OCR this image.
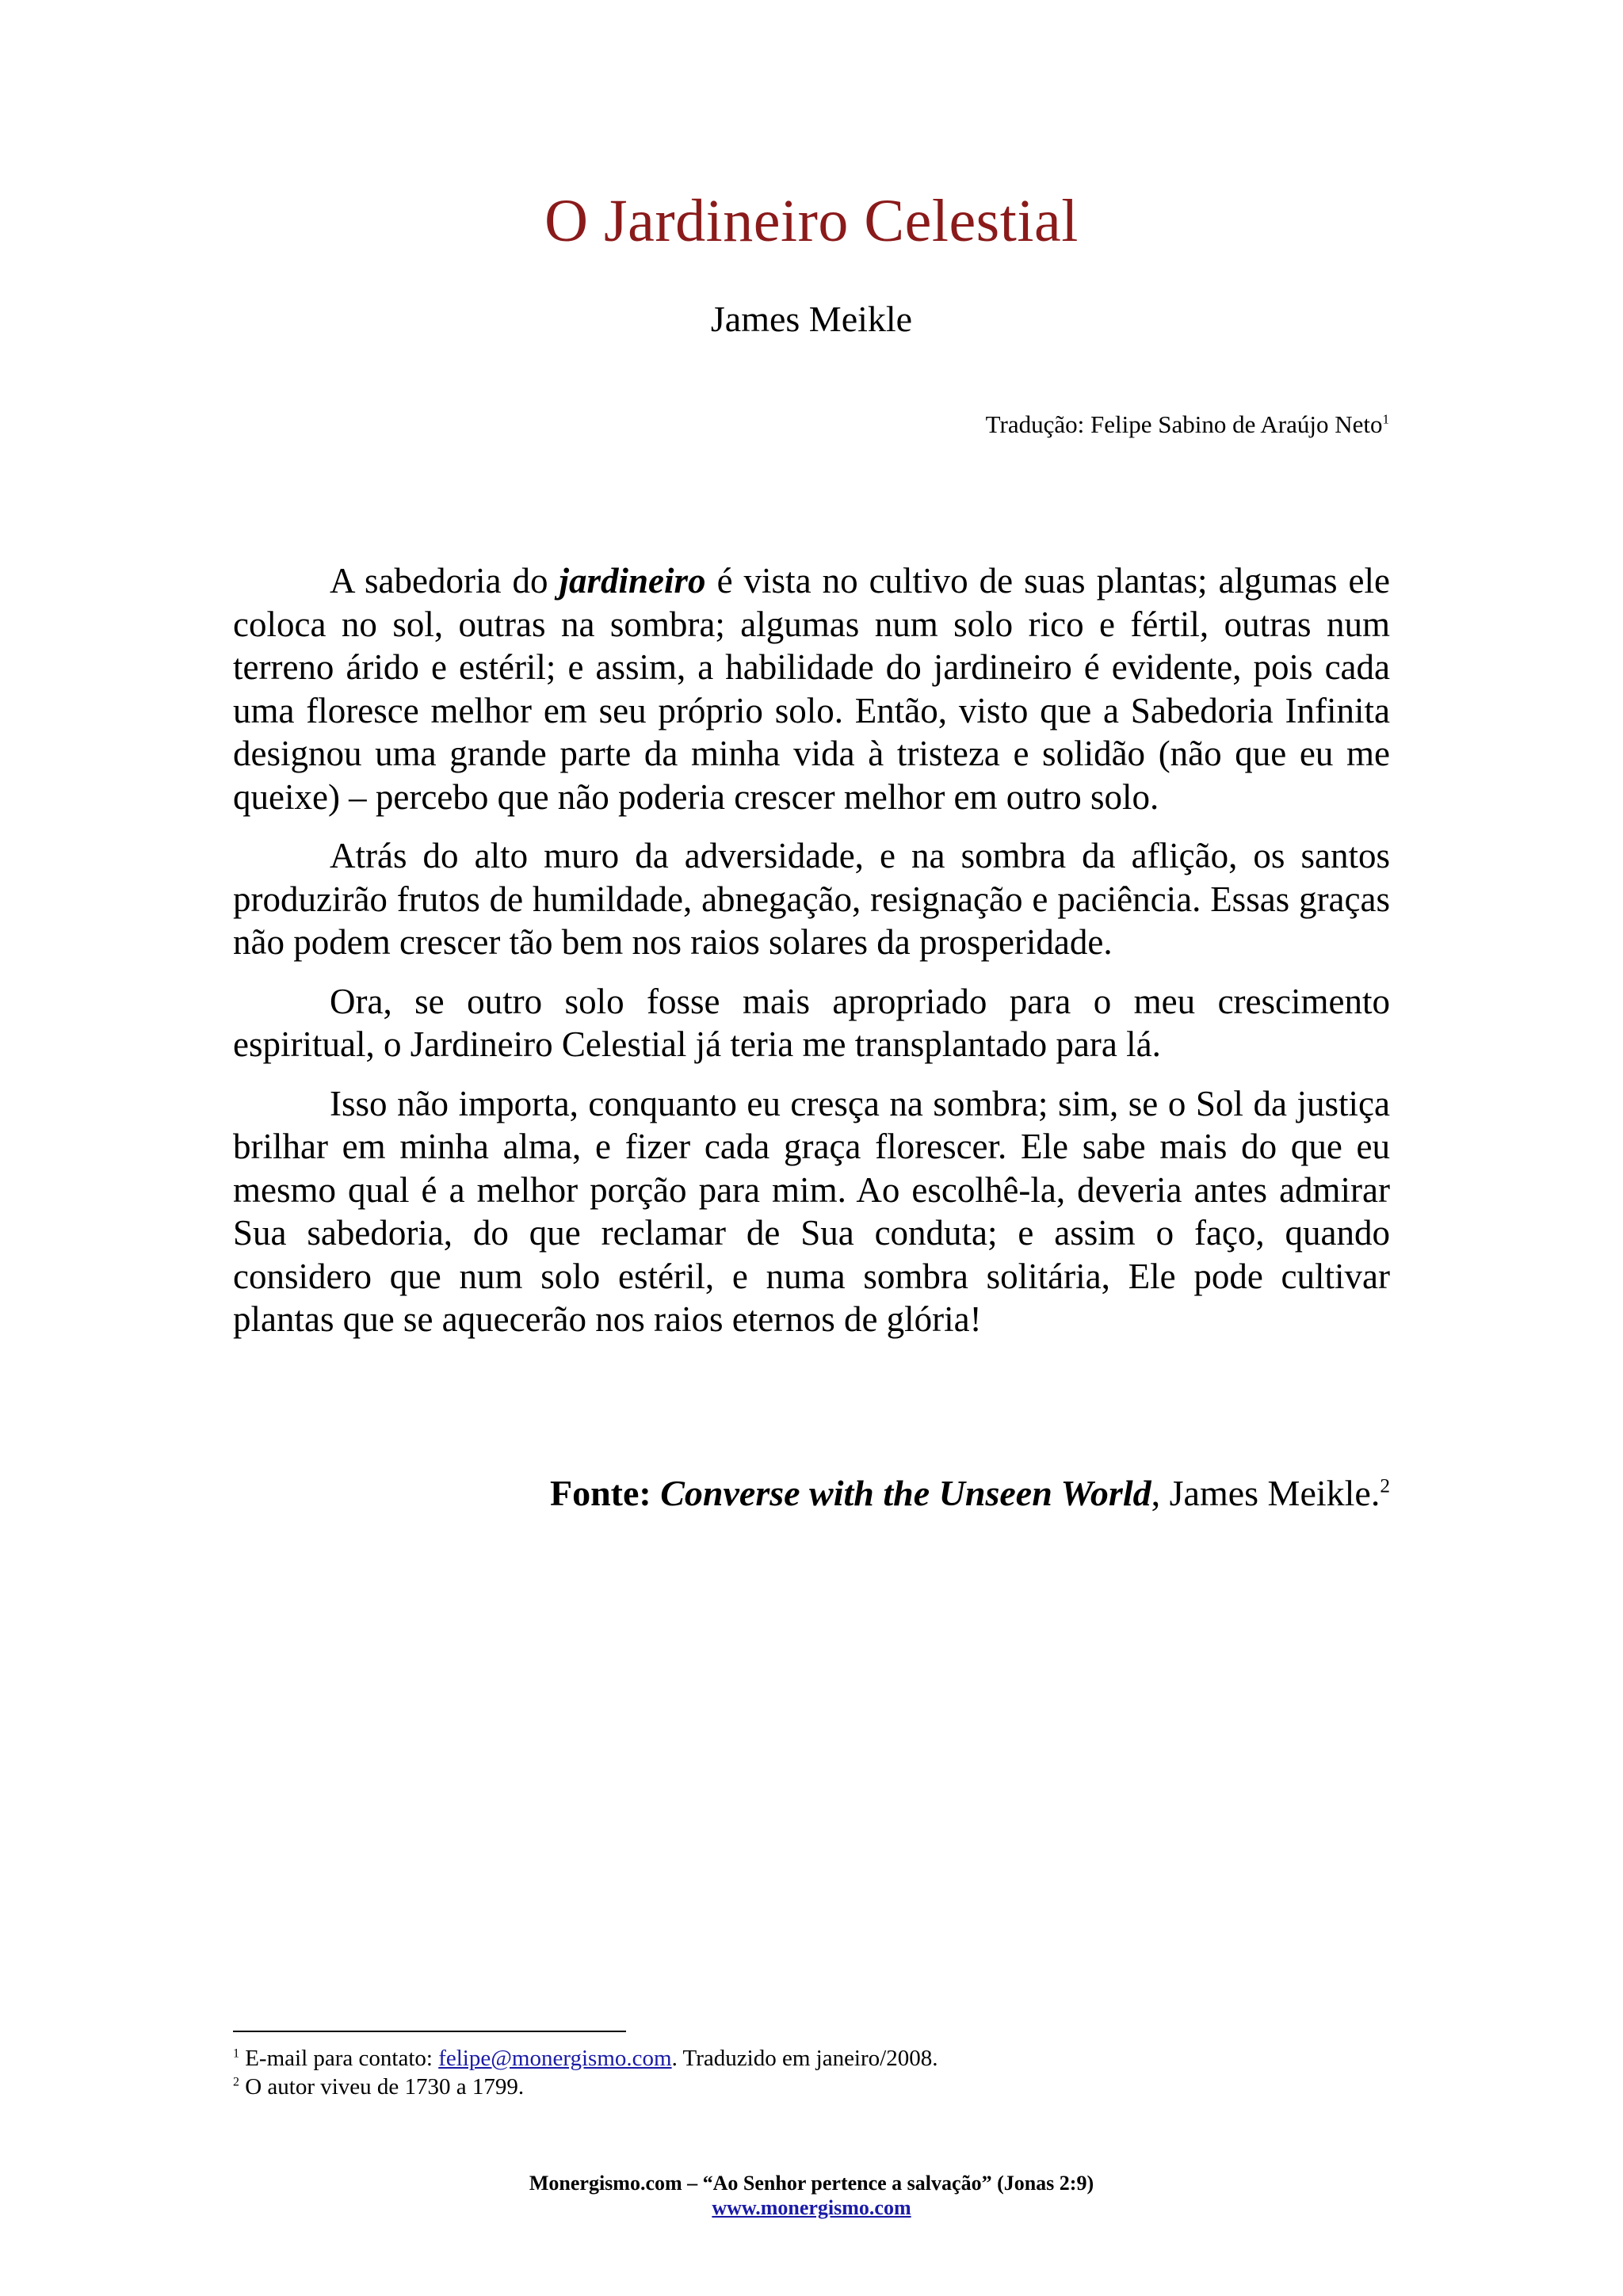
O Jardineiro Celestial
James Meikle
Tradução: Felipe Sabino de Araújo Neto$^1$

A sabedoria do jardineiro é vista no cultivo de suas plantas; algumas ele coloca no sol, outras na sombra; algumas num solo rico e fértil, outras num terreno árido e estéril; e assim, a habilidade do jardineiro é evidente, pois cada uma floresce melhor em seu próprio solo. Então, visto que a Sabedoria Infinita designou uma grande parte da minha vida à tristeza e solidão (não que eu me queixe) – percebo que não poderia crescer melhor em outro solo.

Atrás do alto muro da adversidade, e na sombra da aflição, os santos produzirão frutos de humildade, abnegação, resignação e paciência. Essas graças não podem crescer tão bem nos raios solares da prosperidade.

Ora, se outro solo fosse mais apropriado para o meu crescimento espiritual, o Jardineiro Celestial já teria me transplantado para lá.

Isso não importa, conquanto eu cresça na sombra; sim, se o Sol da justiça brilhar em minha alma, e fizer cada graça florescer. Ele sabe mais do que eu mesmo qual é a melhor porção para mim. Ao escolhê-la, deveria antes admirar Sua sabedoria, do que reclamar de Sua conduta; e assim o faço, quando considero que num solo estéril, e numa sombra solitária, Ele pode cultivar plantas que se aquecerão nos raios eternos de glória!

Fonte: Converse with the Unseen World, James Meikle.$^2$
$^1$ E-mail para contato: felipe@monergismo.com. Traduzido em janeiro/2008.
$^2$ O autor viveu de 1730 a 1799.
Monergismo.com – “Ao Senhor pertence a salvação” (Jonas 2:9)
www.monergismo.com
